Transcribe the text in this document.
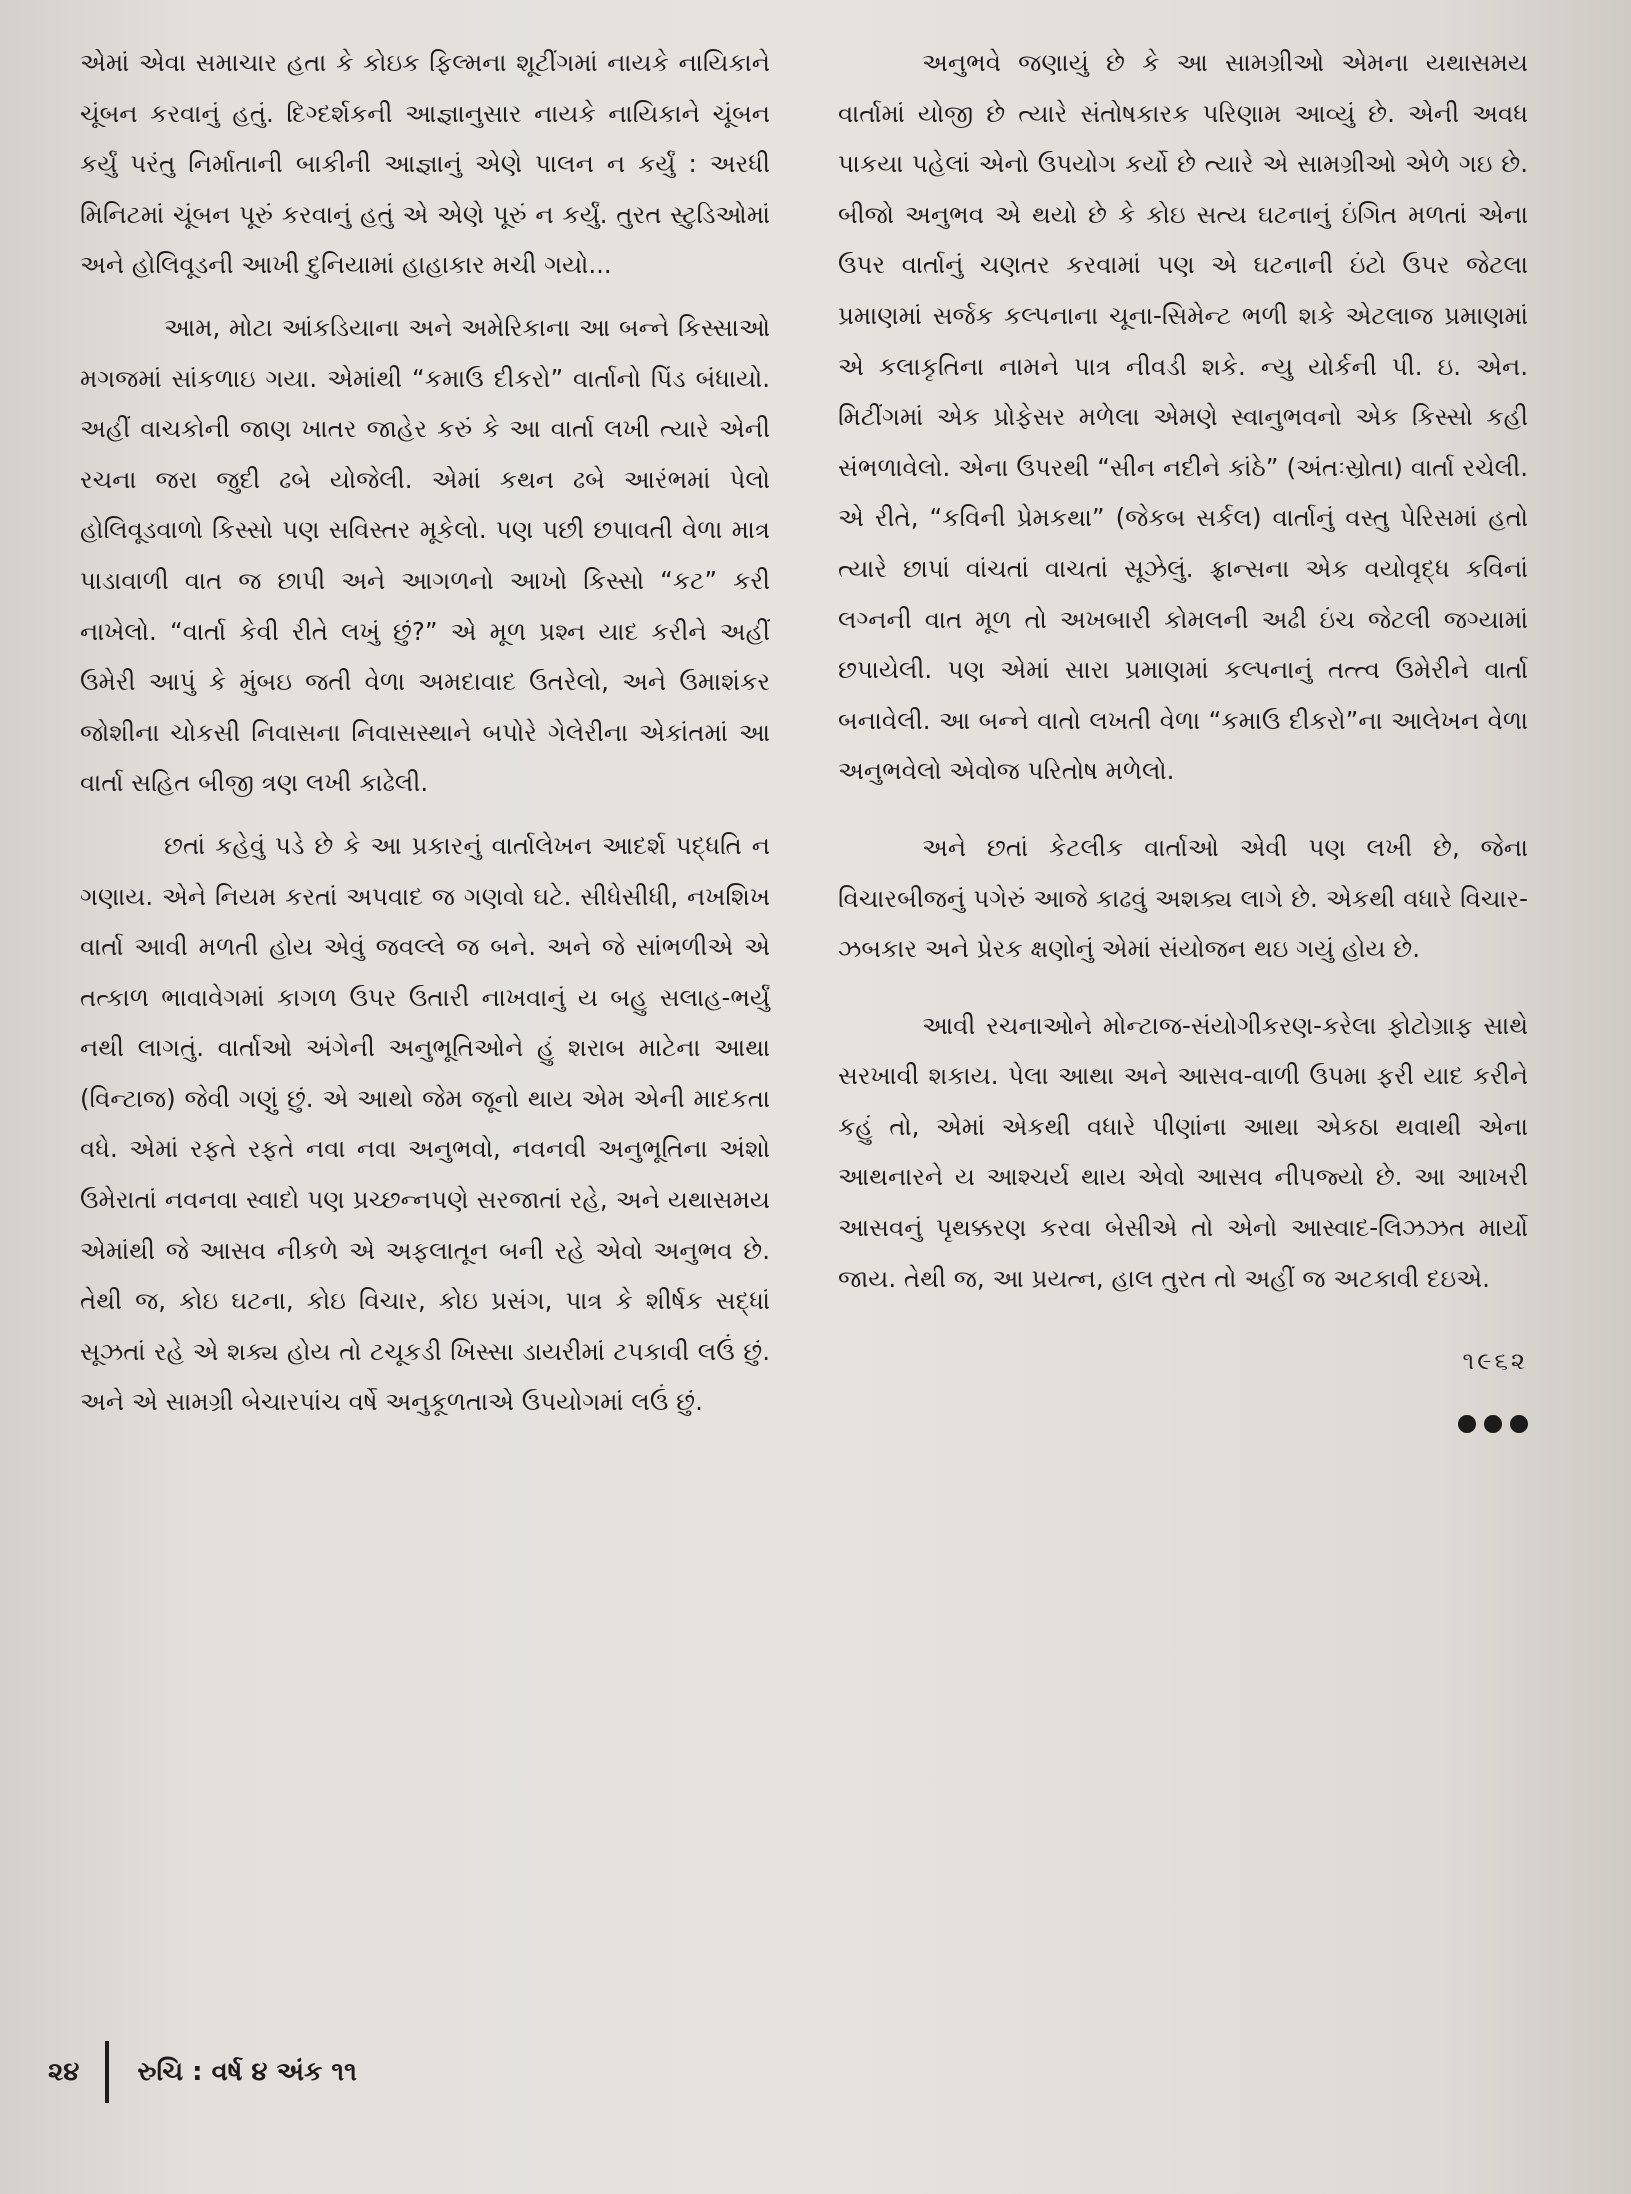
એમાં એવા સમાચાર હતા કે કોઇક ફિલ્મના શૂટીંગમાં નાયકે નાયિકાને ચૂંબન કરવાનું હતું. દિગ્દર્શકની આજ્ઞાનુસાર નાયકે નાયિકાને ચૂંબન કર્યું પરંતુ નિર્માતાની બાકીની આજ્ઞાનું એણે પાલન ન કર્યું : અરધી મિનિટમાં ચૂંબન પૂરું કરવાનું હતું એ એણે પૂરું ન કર્યું. તુરત સ્ટુડિઓમાં અને હોલિવૂડની આખી દુનિયામાં હાહાકાર મચી ગયો...

આમ, મોટા આંકડિયાના અને અમેરિકાના આ બન્ને કિસ્સાઓ મગજમાં સાંકળાઇ ગયા. એમાંથી “કમાઉ દીકરો” વાર્તાનો પિંડ બંધાયો. અહીં વાચકોની જાણ ખાતર જાહેર કરું કે આ વાર્તા લખી ત્યારે એની રચના જરા જુદી ઢબે યોજેલી. એમાં કથન ઢબે આરંભમાં પેલો હોલિવૂડવાળો કિસ્સો પણ સવિસ્તર મૂકેલો. પણ પછી છપાવતી વેળા માત્ર પાડાવાળી વાત જ છાપી અને આગળનો આખો કિસ્સો “કટ” કરી નાખેલો. “વાર્તા કેવી રીતે લખું છું?” એ મૂળ પ્રશ્ન યાદ કરીને અહીં ઉમેરી આપું કે મુંબઇ જતી વેળા અમદાવાદ ઉતરેલો, અને ઉમાશંકર જોશીના ચોકસી નિવાસના નિવાસસ્થાને બપોરે ગેલેરીના એકાંતમાં આ વાર્તા સહિત બીજી ત્રણ લખી કાઢેલી.

છતાં કહેવું પડે છે કે આ પ્રકારનું વાર્તાલેખન આદર્શ પદ્ધતિ ન ગણાય. એને નિયમ કરતાં અપવાદ જ ગણવો ઘટે. સીધેસીધી, નખશિખ વાર્તા આવી મળતી હોય એવું જવલ્લે જ બને. અને જે સાંભળીએ એ તત્કાળ ભાવાવેગમાં કાગળ ઉપર ઉતારી નાખવાનું ય બહુ સલાહ-ભર્યું નથી લાગતું. વાર્તાઓ અંગેની અનુભૂતિઓને હું શરાબ માટેના આથા (વિન્ટાજ) જેવી ગણું છું. એ આથો જેમ જૂનો થાય એમ એની માદકતા વધે. એમાં રફતે રફતે નવા નવા અનુભવો, નવનવી અનુભૂતિના અંશો ઉમેરાતાં નવનવા સ્વાદો પણ પ્રચ્છન્નપણે સરજાતાં રહે, અને યથાસમય એમાંથી જે આસવ નીકળે એ અફલાતૂન બની રહે એવો અનુભવ છે. તેથી જ, કોઇ ઘટના, કોઇ વિચાર, કોઇ પ્રસંગ, પાત્ર કે શીર્ષક સદ્ધાં સૂઝતાં રહે એ શક્ય હોય તો ટચૂકડી ખિસ્સા ડાયરીમાં ટપકાવી લઉં છું. અને એ સામગ્રી બેચારપાંચ વર્ષે અનુકૂળતાએ ઉપયોગમાં લઉં છું.

અનુભવે જણાયું છે કે આ સામગ્રીઓ એમના યથાસમય વાર્તામાં યોજી છે ત્યારે સંતોષકારક પરિણામ આવ્યું છે. એની અવધ પાકયા પહેલાં એનો ઉપયોગ કર્યો છે ત્યારે એ સામગ્રીઓ એળે ગઇ છે. બીજો અનુભવ એ થયો છે કે કોઇ સત્ય ઘટનાનું ઇંગિત મળતાં એના ઉપર વાર્તાનું ચણતર કરવામાં પણ એ ઘટનાની ઇંટો ઉપર જેટલા પ્રમાણમાં સર્જક કલ્પનાના ચૂના-સિમેન્ટ ભળી શકે એટલાજ પ્રમાણમાં એ કલાકૃતિના નામને પાત્ર નીવડી શકે. ન્યુ યોર્કની પી. ઇ. એન. મિટીંગમાં એક પ્રોફેસર મળેલા એમણે સ્વાનુભવનો એક કિસ્સો કહી સંભળાવેલો. એના ઉપરથી “સીન નદીને કાંઠે” (અંતઃસ્રોતા) વાર્તા રચેલી. એ રીતે, “કવિની પ્રેમકથા” (જેકબ સર્કલ) વાર્તાનું વસ્તુ પેરિસમાં હતો ત્યારે છાપાં વાંચતાં વાચતાં સૂઝેલું. ફ્રાન્સના એક વયોવૃદ્ધ કવિનાં લગ્નની વાત મૂળ તો અખબારી કોમલની અઢી ઇંચ જેટલી જગ્યામાં છપાયેલી. પણ એમાં સારા પ્રમાણમાં કલ્પનાનું તત્ત્વ ઉમેરીને વાર્તા બનાવેલી. આ બન્ને વાતો લખતી વેળા “કમાઉ દીકરો”ના આલેખન વેળા અનુભવેલો એવોજ પરિતોષ મળેલો.

અને છતાં કેટલીક વાર્તાઓ એવી પણ લખી છે, જેના વિચારબીજનું પગેરું આજે કાઢવું અશક્ય લાગે છે. એકથી વધારે વિચાર-ઝબકાર અને પ્રેરક ક્ષણોનું એમાં સંયોજન થઇ ગયું હોય છે.

આવી રચનાઓને મોન્ટાજ-સંયોગીકરણ-કરેલા ફોટોગ્રાફ સાથે સરખાવી શકાય. પેલા આથા અને આસવ-વાળી ઉપમા ફરી યાદ કરીને કહું તો, એમાં એકથી વધારે પીણાંના આથા એકઠા થવાથી એના આથનારને ય આશ્ચર્ય થાય એવો આસવ નીપજ્યો છે. આ આખરી આસવનું પૃથક્કરણ કરવા બેસીએ તો એનો આસ્વાદ-લિઝઝત માર્યો જાય. તેથી જ, આ પ્રયત્ન, હાલ તુરત તો અહીં જ અટકાવી દઇએ.

૧૯૬૨

૨૪ રુચિ : વર્ષ ૪ અંક ૧૧
